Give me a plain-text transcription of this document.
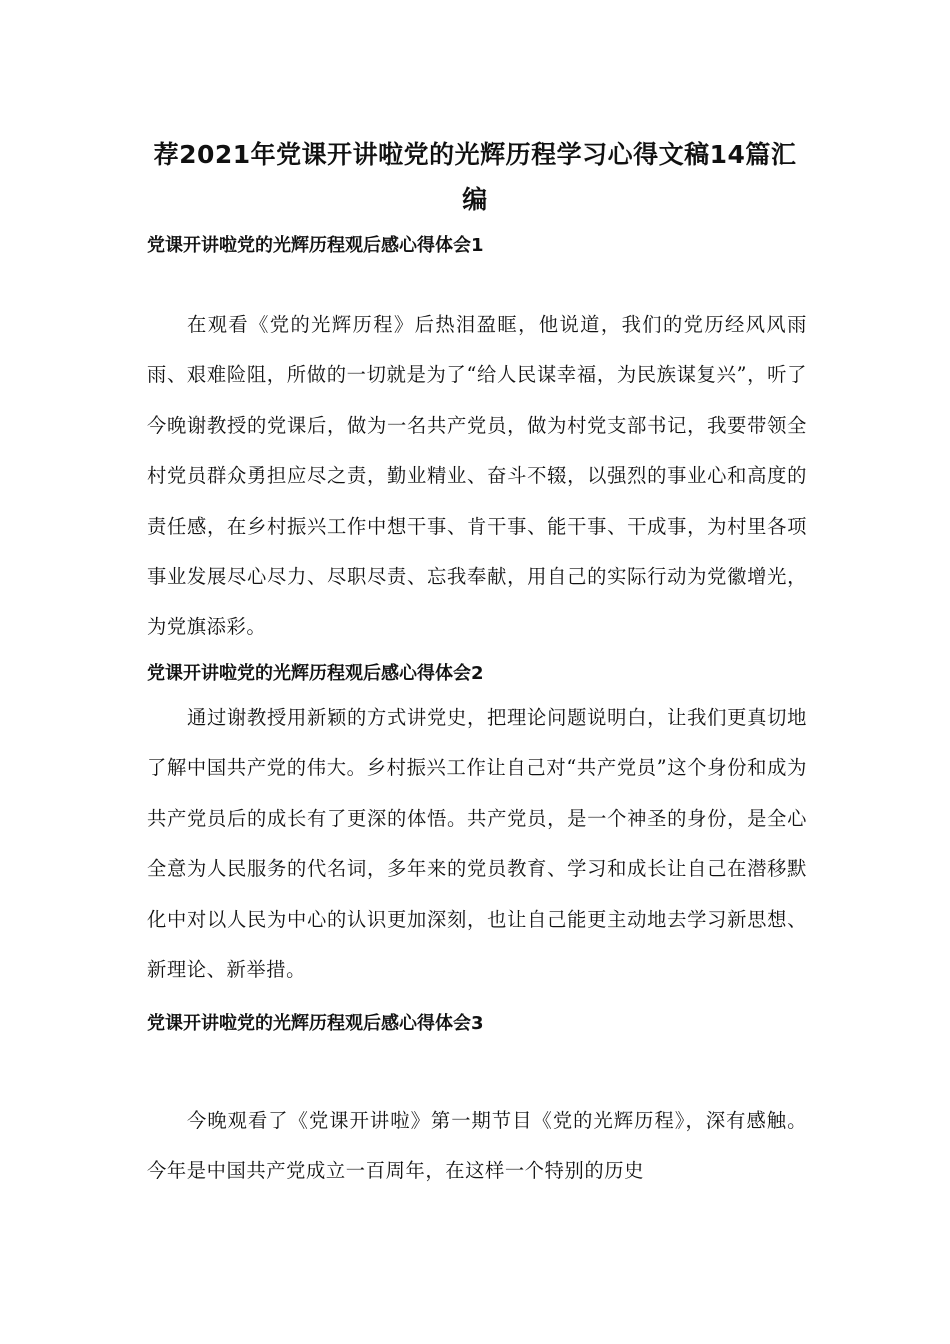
荐2021年党课开讲啦党的光辉历程学习心得文稿14篇汇编
党课开讲啦党的光辉历程观后感心得体会1

在观看《党的光辉历程》后热泪盈眶，他说道，我们的党历经风风雨雨、艰难险阻，所做的一切就是为了“给人民谋幸福，为民族谋复兴”，听了今晚谢教授的党课后，做为一名共产党员，做为村党支部书记，我要带领全村党员群众勇担应尽之责，勤业精业、奋斗不辍，以强烈的事业心和高度的责任感，在乡村振兴工作中想干事、肯干事、能干事、干成事，为村里各项事业发展尽心尽力、尽职尽责、忘我奉献，用自己的实际行动为党徽增光，为党旗添彩。

党课开讲啦党的光辉历程观后感心得体会2

通过谢教授用新颖的方式讲党史，把理论问题说明白，让我们更真切地了解中国共产党的伟大。乡村振兴工作让自己对“共产党员”这个身份和成为共产党员后的成长有了更深的体悟。共产党员，是一个神圣的身份，是全心全意为人民服务的代名词，多年来的党员教育、学习和成长让自己在潜移默化中对以人民为中心的认识更加深刻，也让自己能更主动地去学习新思想、新理论、新举措。

党课开讲啦党的光辉历程观后感心得体会3

今晚观看了《党课开讲啦》第一期节目《党的光辉历程》，深有感触。今年是中国共产党成立一百周年，在这样一个特别的历史
